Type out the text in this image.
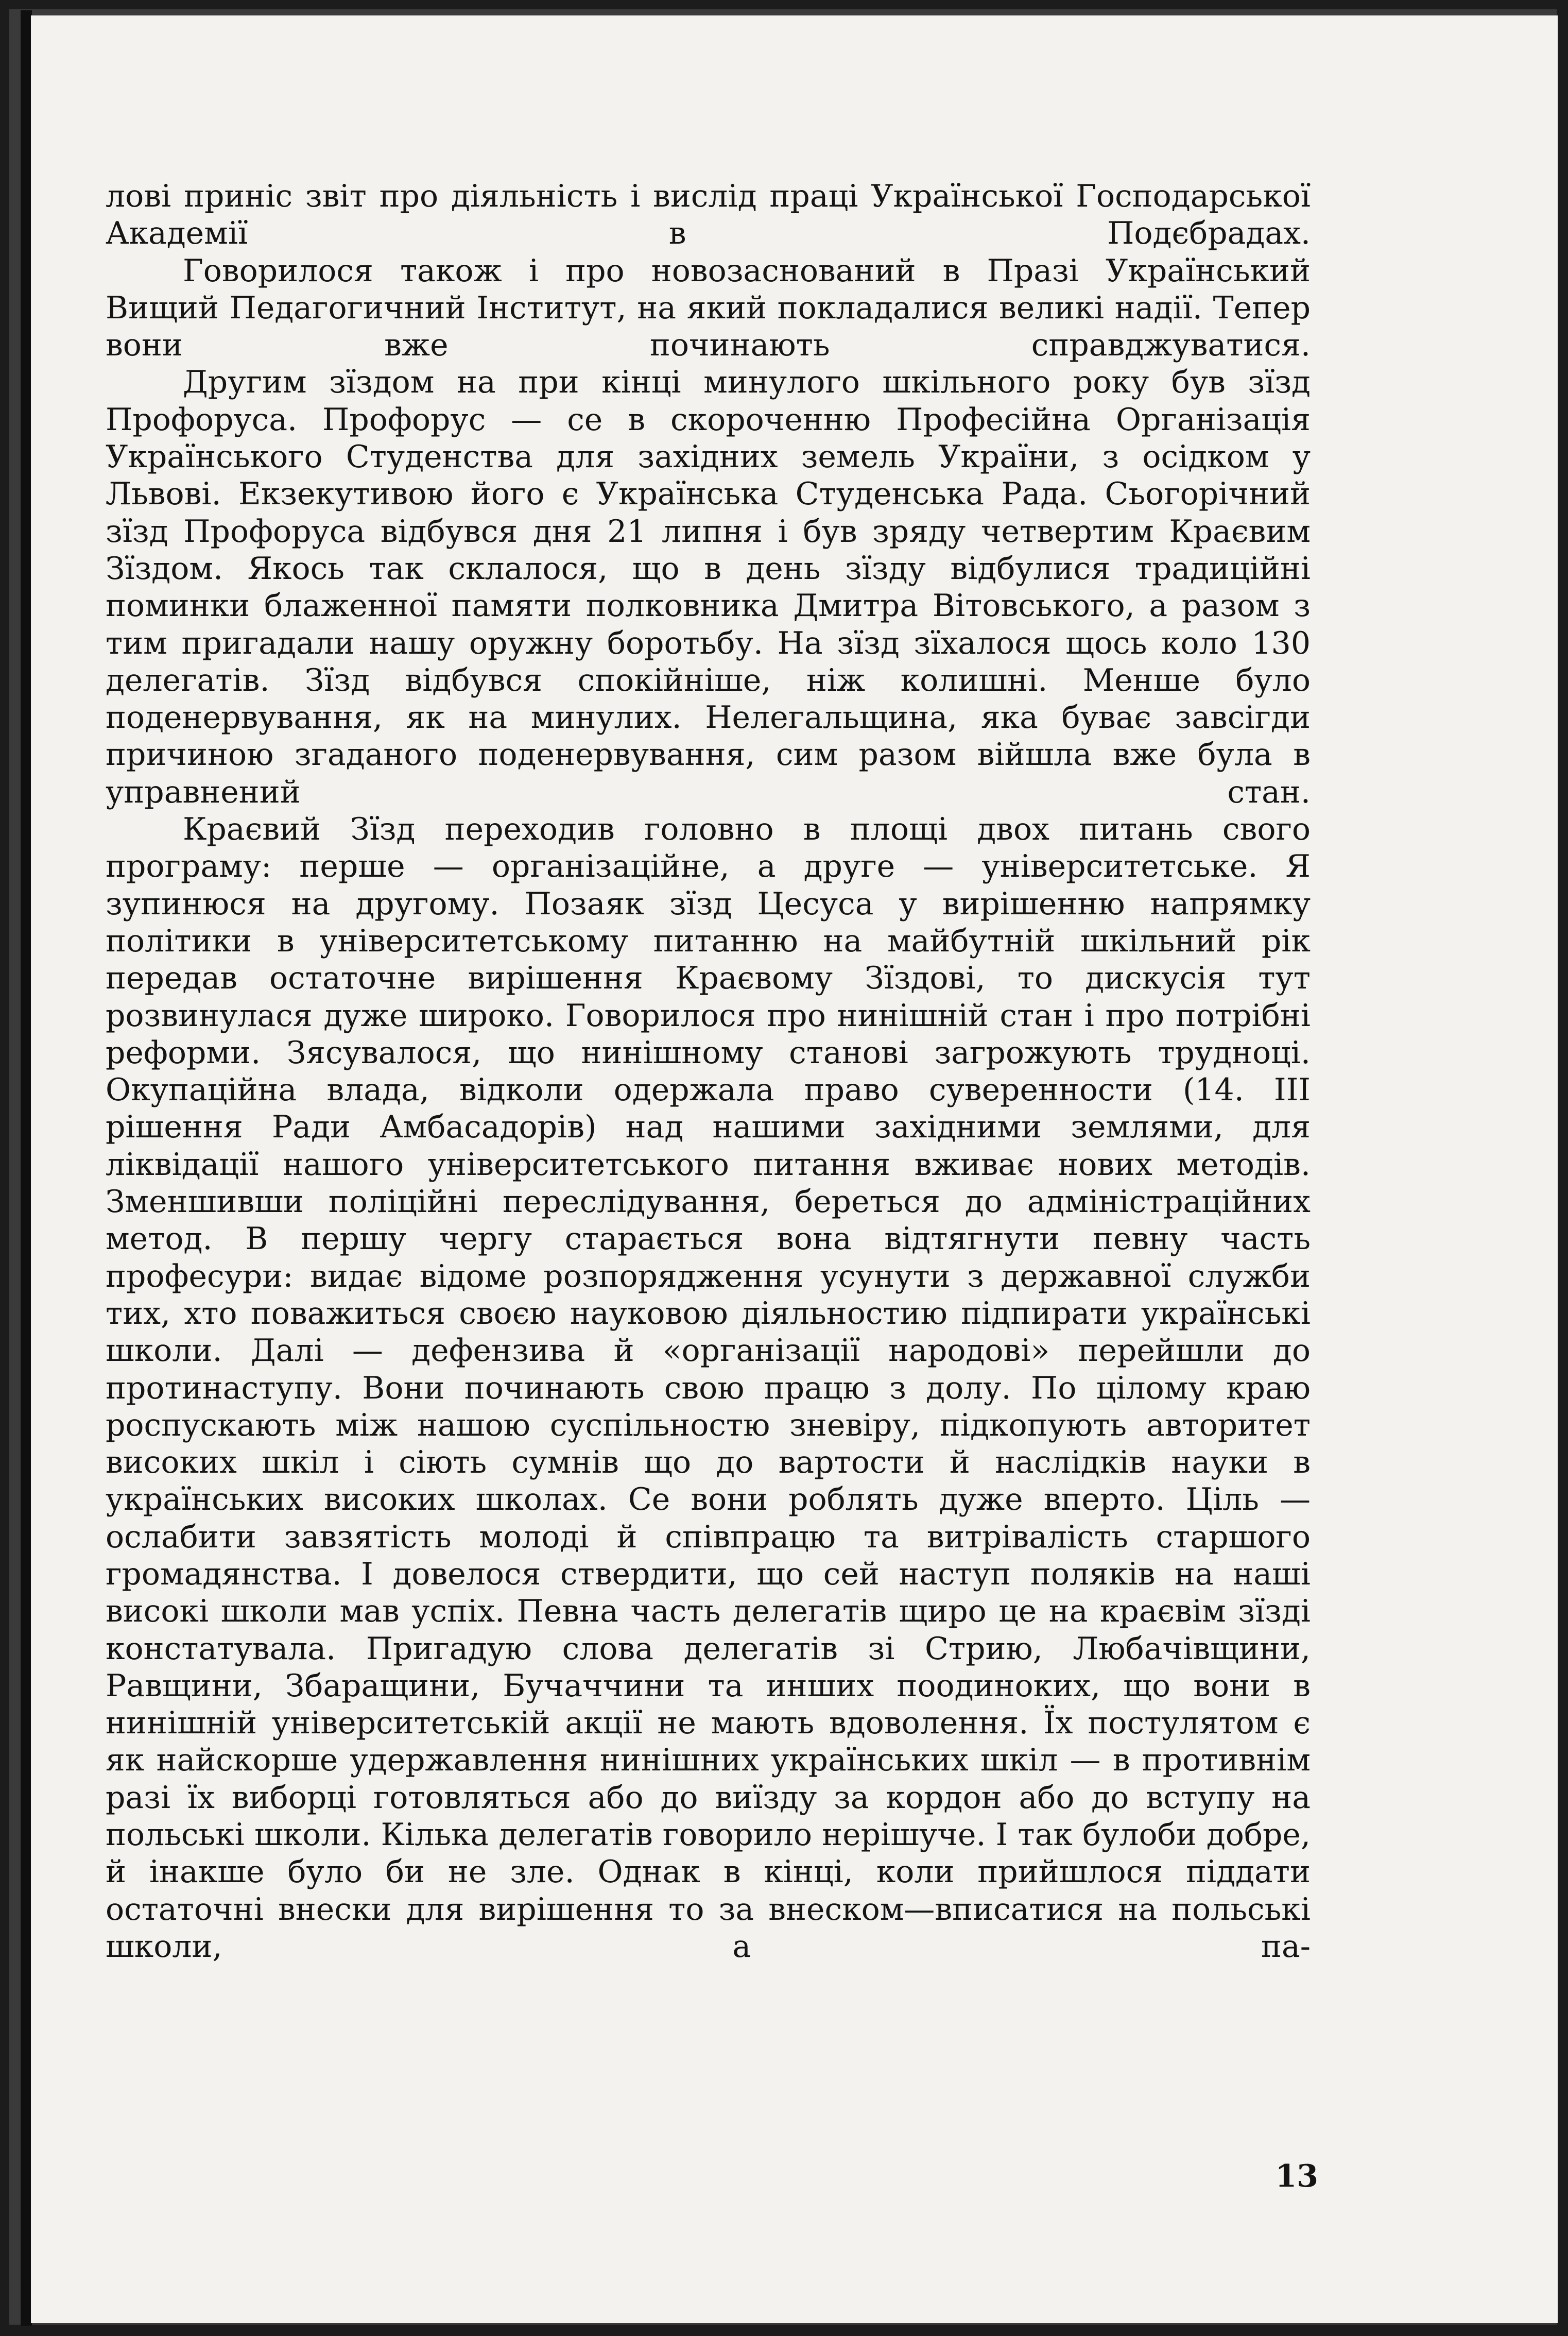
лові приніс звіт про діяльність і вислід праці Української Господарської Академії в Подєбрадах.

Говорилося також і про новозаснований в Празі Український Вищий Педагогичний Інститут, на який покладалися великі надії. Тепер вони вже починають справджуватися.

Другим зїздом на при кінці минулого шкільного року був зїзд Профоруса. Профорус — се в скороченню Професійна Організація Українського Студенства для західних земель України, з осідком у Львові. Екзекутивою його є Українська Студенська Рада. Сьогорічний зїзд Профоруса відбувся дня 21 липня і був зряду четвертим Краєвим Зїздом. Якось так склалося, що в день зїзду відбулися традиційні поминки блаженної памяти полковника Дмитра Вітовського, а разом з тим пригадали нашу оружну боротьбу. На зїзд зїхалося щось коло 130 делегатів. Зїзд відбувся спокійніше, ніж колишні. Менше було поденервування, як на минулих. Нелегальщина, яка буває завсігди причиною згаданого поденервування, сим разом війшла вже була в управнений стан.

Краєвий Зїзд переходив головно в площі двох питань свого програму: перше — організаційне, а друге — університетське. Я зупинюся на другому. Позаяк зїзд Цесуса у вирішенню напрямку політики в університетському питанню на майбутній шкільний рік передав остаточне вирішення Краєвому Зїздові, то дискусія тут розвинулася дуже широко. Говорилося про нинішній стан і про потрібні реформи. Зясувалося, що нинішному станові загрожують трудноці. Окупаційна влада, відколи одержала право суверенности (14. III рішення Ради Амбасадорів) над нашими західними землями, для ліквідації нашого університетського питання вживає нових методів. Зменшивши поліційні переслідування, береться до адміністраційних метод. В першу чергу старається вона відтягнути певну часть професури: видає відоме розпорядження усунути з державної служби тих, хто поважиться своєю науковою діяльностию підпирати українські школи. Далі — дефензива й «організації народові» перейшли до протинаступу. Вони починають свою працю з долу. По цілому краю роспускають між нашою суспільностю зневіру, підкопують авторитет високих шкіл і сіють сумнів що до вартости й наслідків науки в українських високих школах. Се вони роблять дуже вперто. Ціль — ослабити завзятість молоді й співпрацю та витріваліcть старшого громадянства. І довелося ствердити, що сей наступ поляків на наші високі школи мав успіх. Певна часть делегатів щиро це на краєвім зїзді констатувала. Пригадую слова делегатів зі Стрию, Любачівщини, Равщини, Збаращини, Бучаччини та инших поодиноких, що вони в нинішній університетській акції не мають вдоволення. Їх постулятом є як найскорше удержавлення нинішних українських шкіл — в противнім разі їх виборці готовляться або до виїзду за кордон або до вступу на польські школи. Кілька делегатів говорило нерішуче. І так булоби добре, й інакше було би не зле. Однак в кінці, коли прийшлося піддати остаточні внески для вирішення то за внеском—вписатися на польські школи, а па-

13
